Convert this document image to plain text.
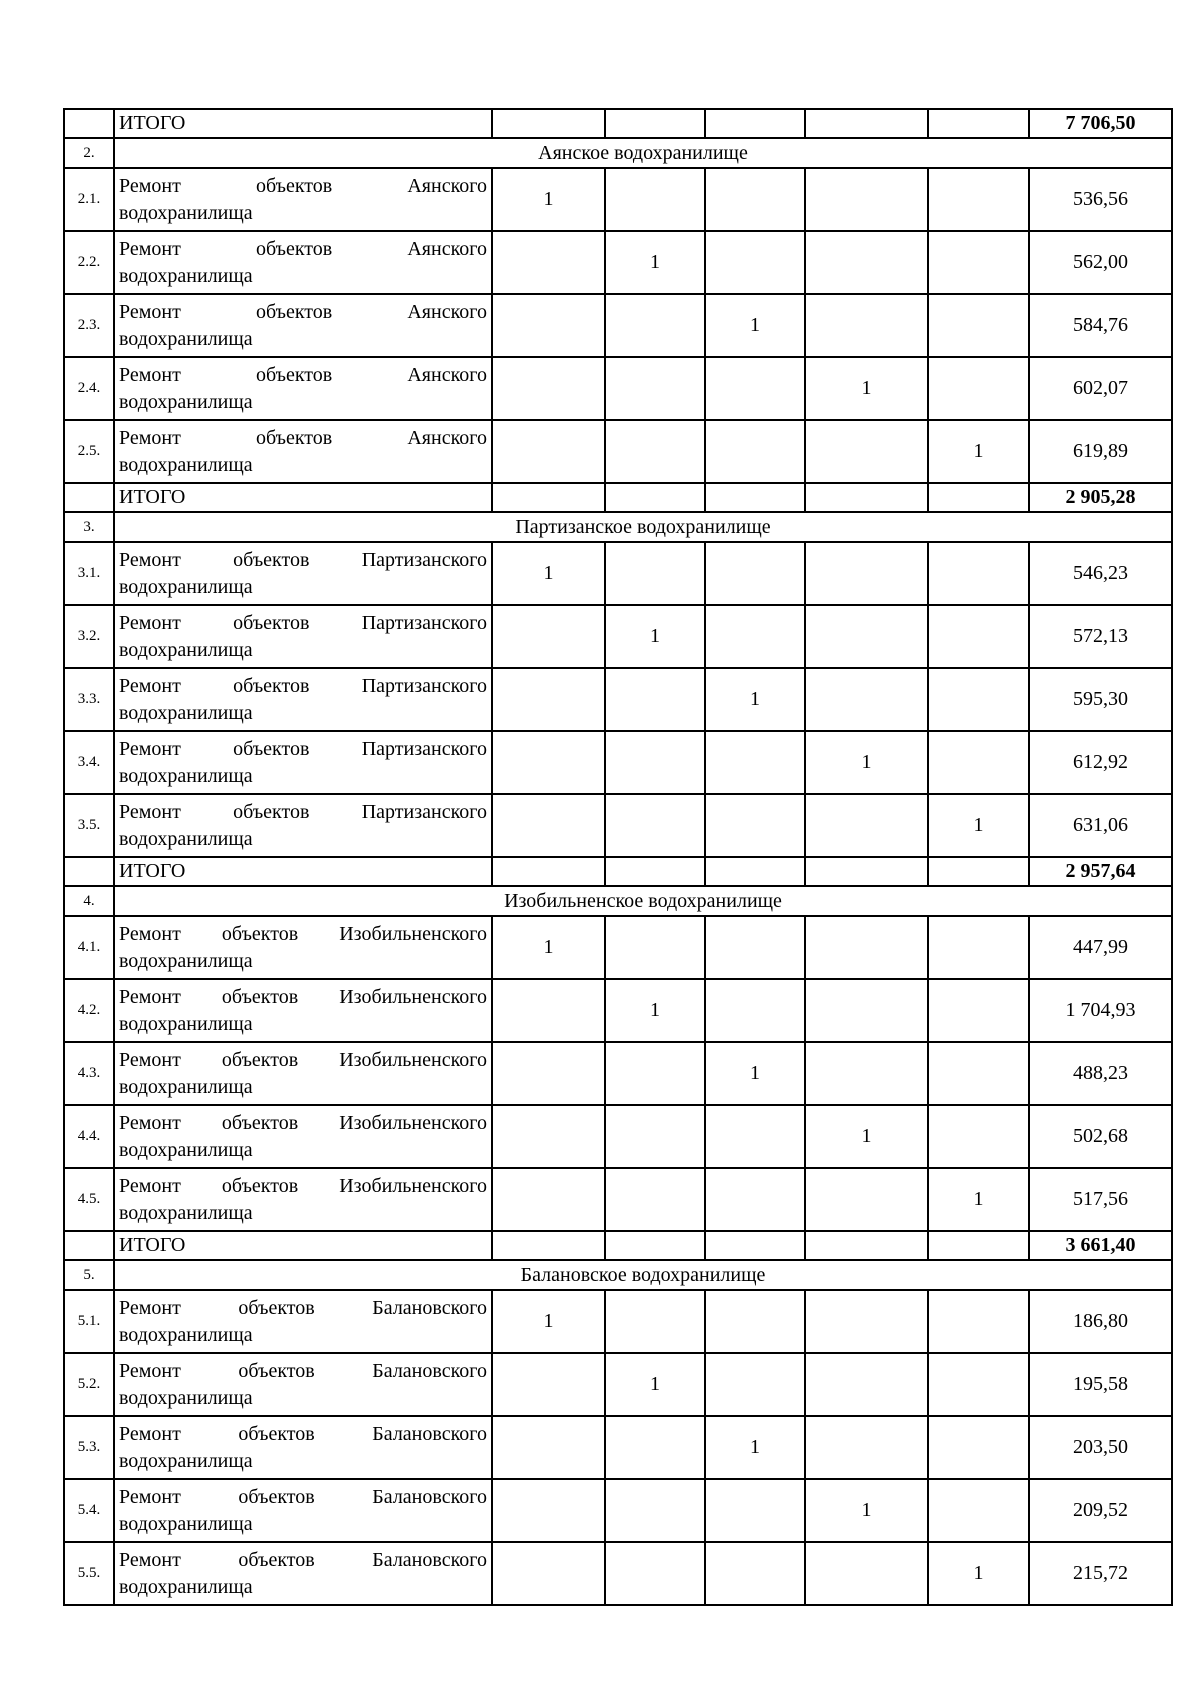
	ИТОГО						7 706,50
2.	Аянское водохранилище						
2.1.	Ремонт объектов Аянского
водохранилища	1					536,56
2.2.	Ремонт объектов Аянского
водохранилища		1				562,00
2.3.	Ремонт объектов Аянского
водохранилища			1			584,76
2.4.	Ремонт объектов Аянского
водохранилища				1		602,07
2.5.	Ремонт объектов Аянского
водохранилища					1	619,89
	ИТОГО						2 905,28
3.	Партизанское водохранилище						
3.1.	Ремонт объектов Партизанского
водохранилища	1					546,23
3.2.	Ремонт объектов Партизанского
водохранилища		1				572,13
3.3.	Ремонт объектов Партизанского
водохранилища			1			595,30
3.4.	Ремонт объектов Партизанского
водохранилища				1		612,92
3.5.	Ремонт объектов Партизанского
водохранилища					1	631,06
	ИТОГО						2 957,64
4.	Изобильненское водохранилище						
4.1.	Ремонт объектов Изобильненского
водохранилища	1					447,99
4.2.	Ремонт объектов Изобильненского
водохранилища		1				1 704,93
4.3.	Ремонт объектов Изобильненского
водохранилища			1			488,23
4.4.	Ремонт объектов Изобильненского
водохранилища				1		502,68
4.5.	Ремонт объектов Изобильненского
водохранилища					1	517,56
	ИТОГО						3 661,40
5.	Балановское водохранилище						
5.1.	Ремонт объектов Балановского
водохранилища	1					186,80
5.2.	Ремонт объектов Балановского
водохранилища		1				195,58
5.3.	Ремонт объектов Балановского
водохранилища			1			203,50
5.4.	Ремонт объектов Балановского
водохранилища				1		209,52
5.5.	Ремонт объектов Балановского
водохранилища					1	215,72
